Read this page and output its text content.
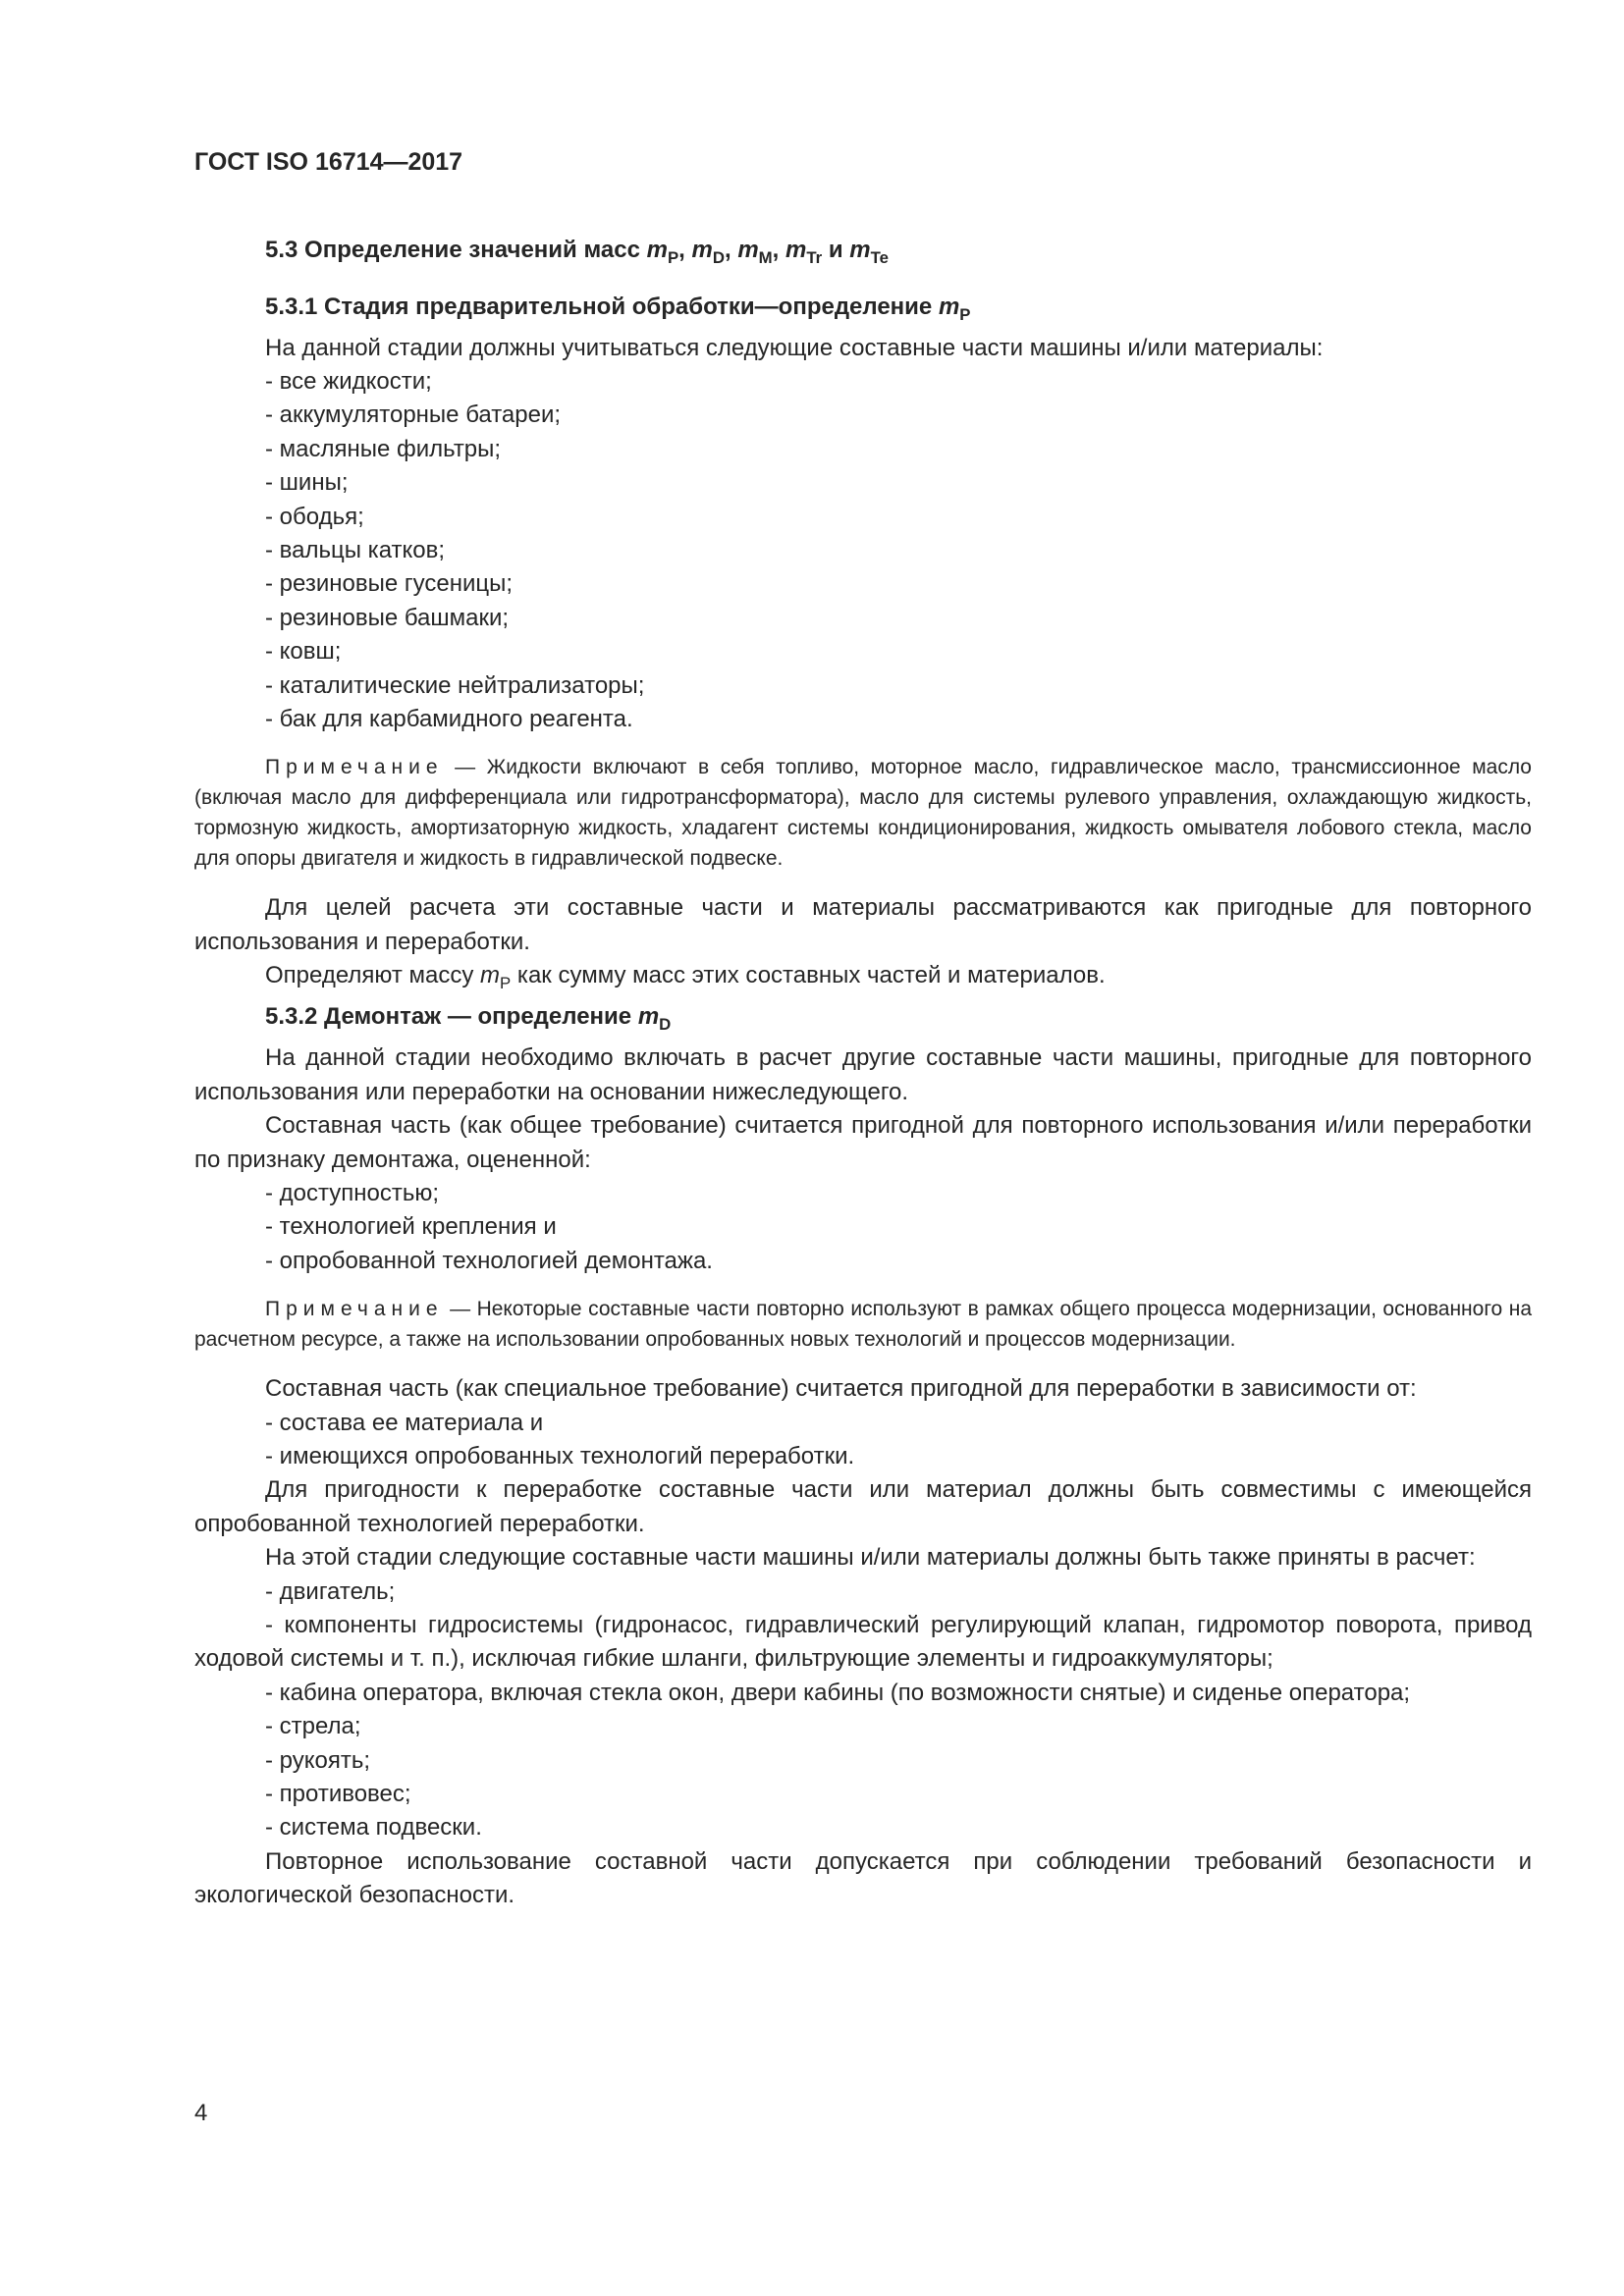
ГОСТ ISO 16714—2017
5.3 Определение значений масс $m_P$, $m_D$, $m_M$, $m_{Tr}$ и $m_{Te}$
5.3.1 Стадия предварительной обработки—определение $m_P$

На данной стадии должны учитываться следующие составные части машины и/или материалы:

- все жидкости;
- аккумуляторные батареи;
- масляные фильтры;
- шины;
- ободья;
- вальцы катков;
- резиновые гусеницы;
- резиновые башмаки;
- ковш;
- каталитические нейтрализаторы;
- бак для карбамидного реагента.

Примечание — Жидкости включают в себя топливо, моторное масло, гидравлическое масло, трансмиссионное масло (включая масло для дифференциала или гидротрансформатора), масло для системы рулевого управления, охлаждающую жидкость, тормозную жидкость, амортизаторную жидкость, хладагент системы кондиционирования, жидкость омывателя лобового стекла, масло для опоры двигателя и жидкость в гидравлической подвеске.

Для целей расчета эти составные части и материалы рассматриваются как пригодные для повторного использования и переработки.

Определяют массу $m_P$ как сумму масс этих составных частей и материалов.

5.3.2 Демонтаж — определение $m_D$

На данной стадии необходимо включать в расчет другие составные части машины, пригодные для повторного использования или переработки на основании нижеследующего.

Составная часть (как общее требование) считается пригодной для повторного использования и/или переработки по признаку демонтажа, оцененной:

- доступностью;
- технологией крепления и
- опробованной технологией демонтажа.

Примечание — Некоторые составные части повторно используют в рамках общего процесса модернизации, основанного на расчетном ресурсе, а также на использовании опробованных новых технологий и процессов модернизации.

Составная часть (как специальное требование) считается пригодной для переработки в зависимости от:

- состава ее материала и
- имеющихся опробованных технологий переработки.

Для пригодности к переработке составные части или материал должны быть совместимы с имеющейся опробованной технологией переработки.

На этой стадии следующие составные части машины и/или материалы должны быть также приняты в расчет:

- двигатель;
- компоненты гидросистемы (гидронасос, гидравлический регулирующий клапан, гидромотор поворота, привод ходовой системы и т. п.), исключая гибкие шланги, фильтрующие элементы и гидроаккумуляторы;
- кабина оператора, включая стекла окон, двери кабины (по возможности снятые) и сиденье оператора;
- стрела;
- рукоять;
- противовес;
- система подвески.

Повторное использование составной части допускается при соблюдении требований безопасности и экологической безопасности.

4
